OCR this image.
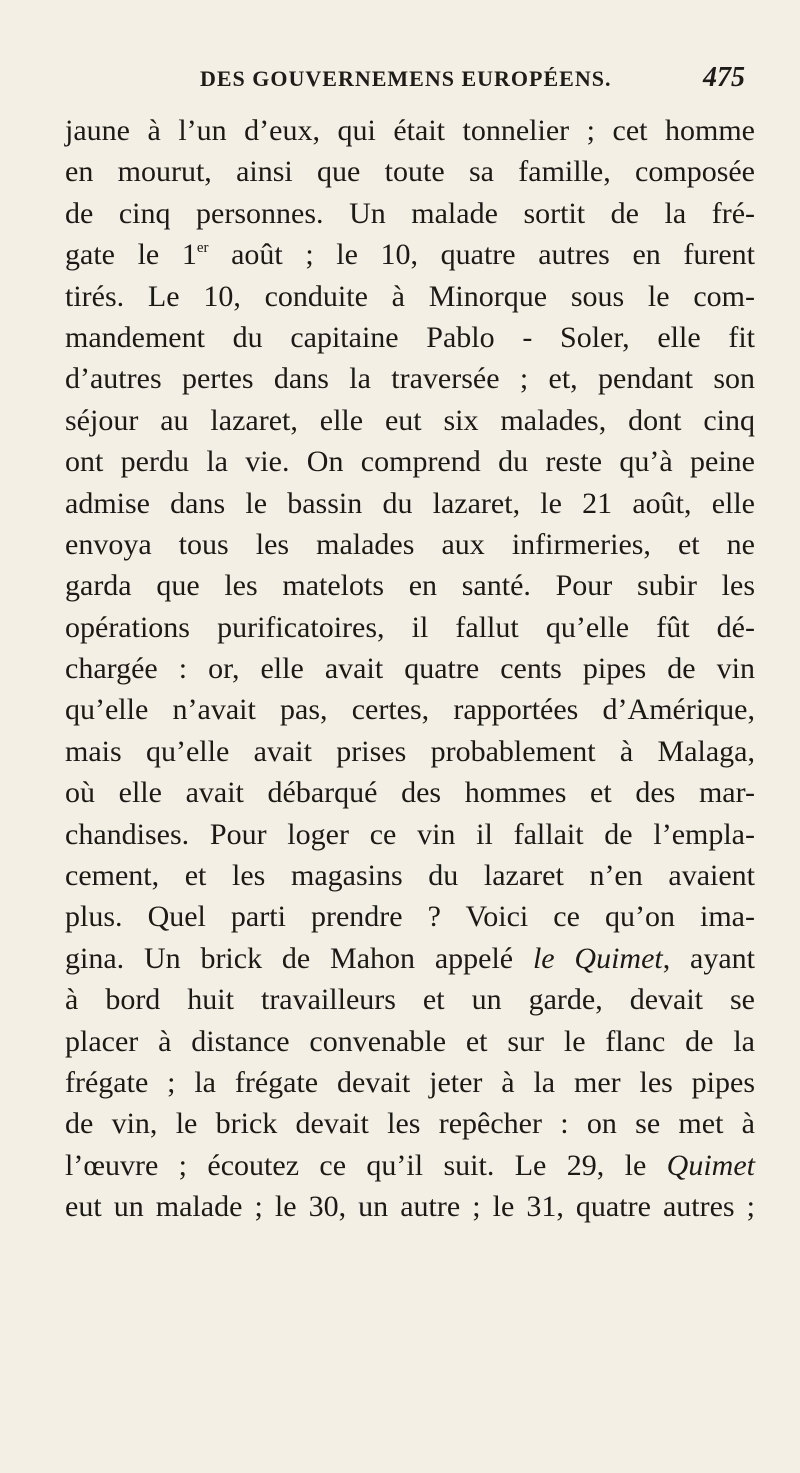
DES GOUVERNEMENS EUROPÉENS.	475
jaune à l’un d’eux, qui était tonnelier ; cet homme
en mourut, ainsi que toute sa famille, composée
de cinq personnes. Un malade sortit de la fré-
gate le 1er août ; le 10, quatre autres en furent
tirés. Le 10, conduite à Minorque sous le com-
mandement du capitaine Pablo - Soler, elle fit
d’autres pertes dans la traversée ; et, pendant son
séjour au lazaret, elle eut six malades, dont cinq
ont perdu la vie. On comprend du reste qu’à peine
admise dans le bassin du lazaret, le 21 août, elle
envoya tous les malades aux infirmeries, et ne
garda que les matelots en santé. Pour subir les
opérations purificatoires, il fallut qu’elle fût dé-
chargée : or, elle avait quatre cents pipes de vin
qu’elle n’avait pas, certes, rapportées d’Amérique,
mais qu’elle avait prises probablement à Malaga,
où elle avait débarqué des hommes et des mar-
chandises. Pour loger ce vin il fallait de l’empla-
cement, et les magasins du lazaret n’en avaient
plus. Quel parti prendre ? Voici ce qu’on ima-
gina. Un brick de Mahon appelé le Quimet, ayant
à bord huit travailleurs et un garde, devait se
placer à distance convenable et sur le flanc de la
frégate ; la frégate devait jeter à la mer les pipes
de vin, le brick devait les repêcher : on se met à
l’œuvre ; écoutez ce qu’il suit. Le 29, le Quimet
eut un malade ; le 30, un autre ; le 31, quatre autres ;
